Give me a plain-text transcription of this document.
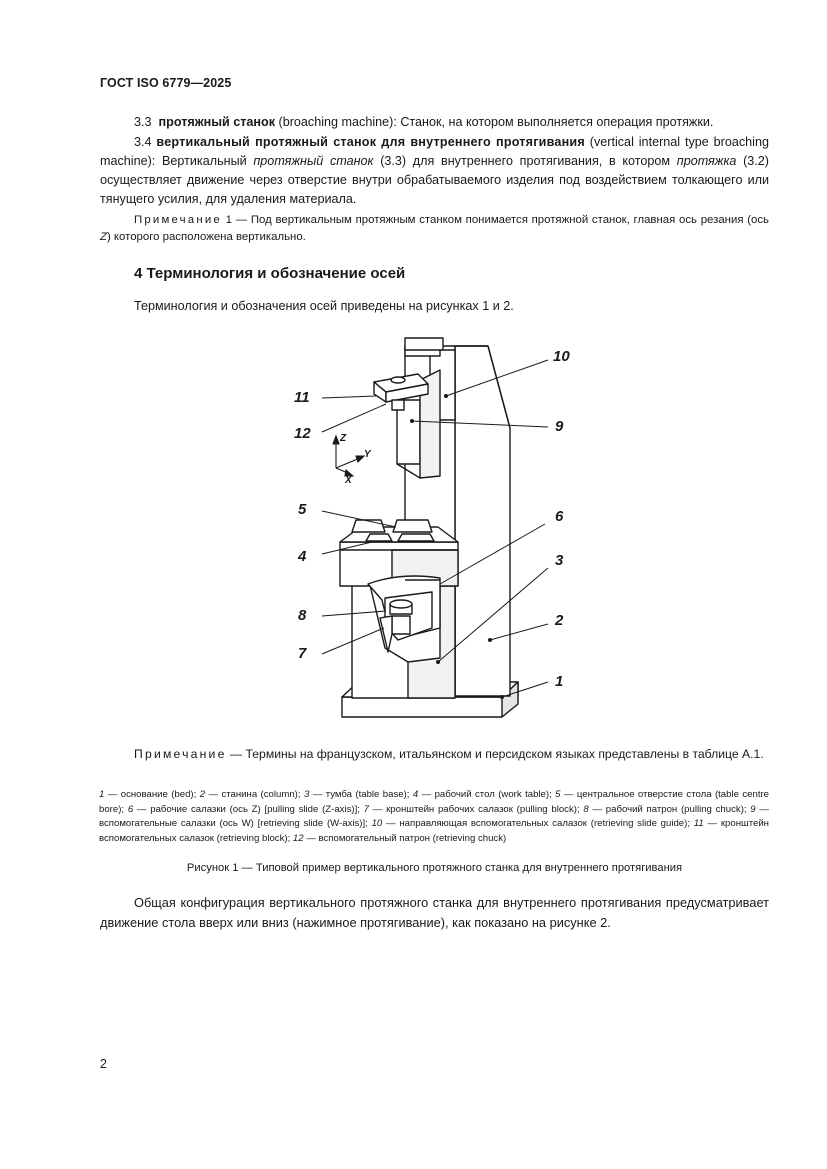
ГОСТ ISO 6779—2025
3.3 протяжный станок (broaching machine): Станок, на котором выполняется операция протяжки.
3.4 вертикальный протяжный станок для внутреннего протягивания (vertical internal type broaching machine): Вертикальный протяжный станок (3.3) для внутреннего протягивания, в котором протяжка (3.2) осуществляет движение через отверстие внутри обрабатываемого изделия под воздействием толкающего или тянущего усилия, для удаления материала.
Примечание 1 — Под вертикальным протяжным станком понимается протяжной станок, главная ось резания (ось Z) которого расположена вертикально.
4 Терминология и обозначение осей
Терминология и обозначения осей приведены на рисунках 1 и 2.
10
11
12	9
5	6
4	3
8	2
7
1
Z
Y
X
Примечание — Термины на французском, итальянском и персидском языках представлены в таблице А.1.
1 — основание (bed); 2 — станина (column); 3 — тумба (table base); 4 — рабочий стол (work table); 5 — центральное отверстие стола (table centre bore); 6 — рабочие салазки (ось Z) [pulling slide (Z-axis)]; 7 — кронштейн рабочих салазок (pulling block); 8 — рабочий патрон (pulling chuck); 9 — вспомогательные салазки (ось W) [retrieving slide (W-axis)]; 10 — направляющая вспомогательных салазок (retrieving slide guide); 11 — кронштейн вспомогательных салазок (retrieving block); 12 — вспомогательный патрон (retrieving chuck)
Рисунок 1 — Типовой пример вертикального протяжного станка для внутреннего протягивания
Общая конфигурация вертикального протяжного станка для внутреннего протягивания предусматривает движение стола вверх или вниз (нажимное протягивание), как показано на рисунке 2.
2
